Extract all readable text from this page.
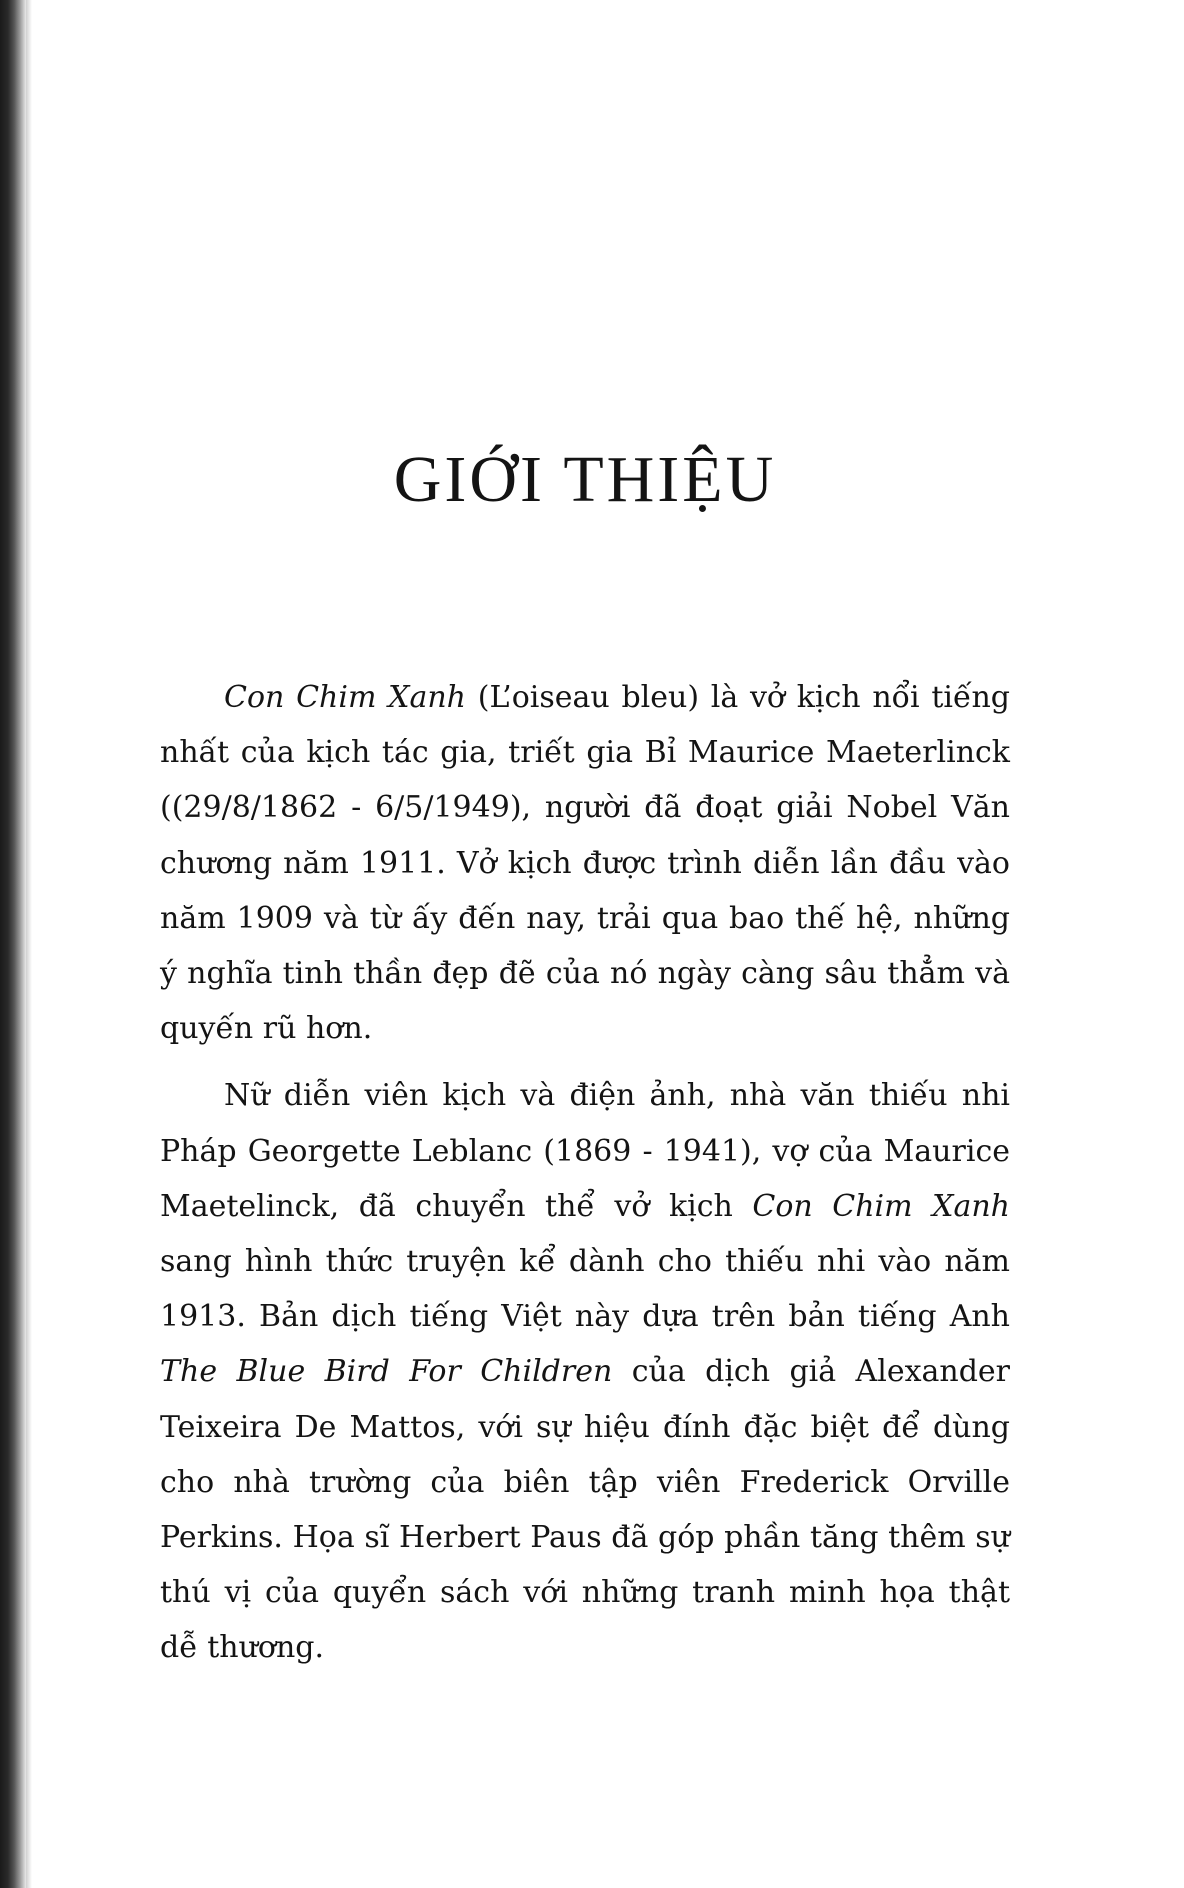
GIỚI THIỆU

Con Chim Xanh (L’oiseau bleu) là vở kịch nổi tiếng nhất của kịch tác gia, triết gia Bỉ Maurice Maeterlinck ((29/8/1862 - 6/5/1949), người đã đoạt giải Nobel Văn chương năm 1911. Vở kịch được trình diễn lần đầu vào năm 1909 và từ ấy đến nay, trải qua bao thế hệ, những ý nghĩa tinh thần đẹp đẽ của nó ngày càng sâu thẳm và quyến rũ hơn.

Nữ diễn viên kịch và điện ảnh, nhà văn thiếu nhi Pháp Georgette Leblanc (1869 - 1941), vợ của Maurice Maetelinck, đã chuyển thể vở kịch Con Chim Xanh sang hình thức truyện kể dành cho thiếu nhi vào năm 1913. Bản dịch tiếng Việt này dựa trên bản tiếng Anh The Blue Bird For Children của dịch giả Alexander Teixeira De Mattos, với sự hiệu đính đặc biệt để dùng cho nhà trường của biên tập viên Frederick Orville Perkins. Họa sĩ Herbert Paus đã góp phần tăng thêm sự thú vị của quyển sách với những tranh minh họa thật dễ thương.
